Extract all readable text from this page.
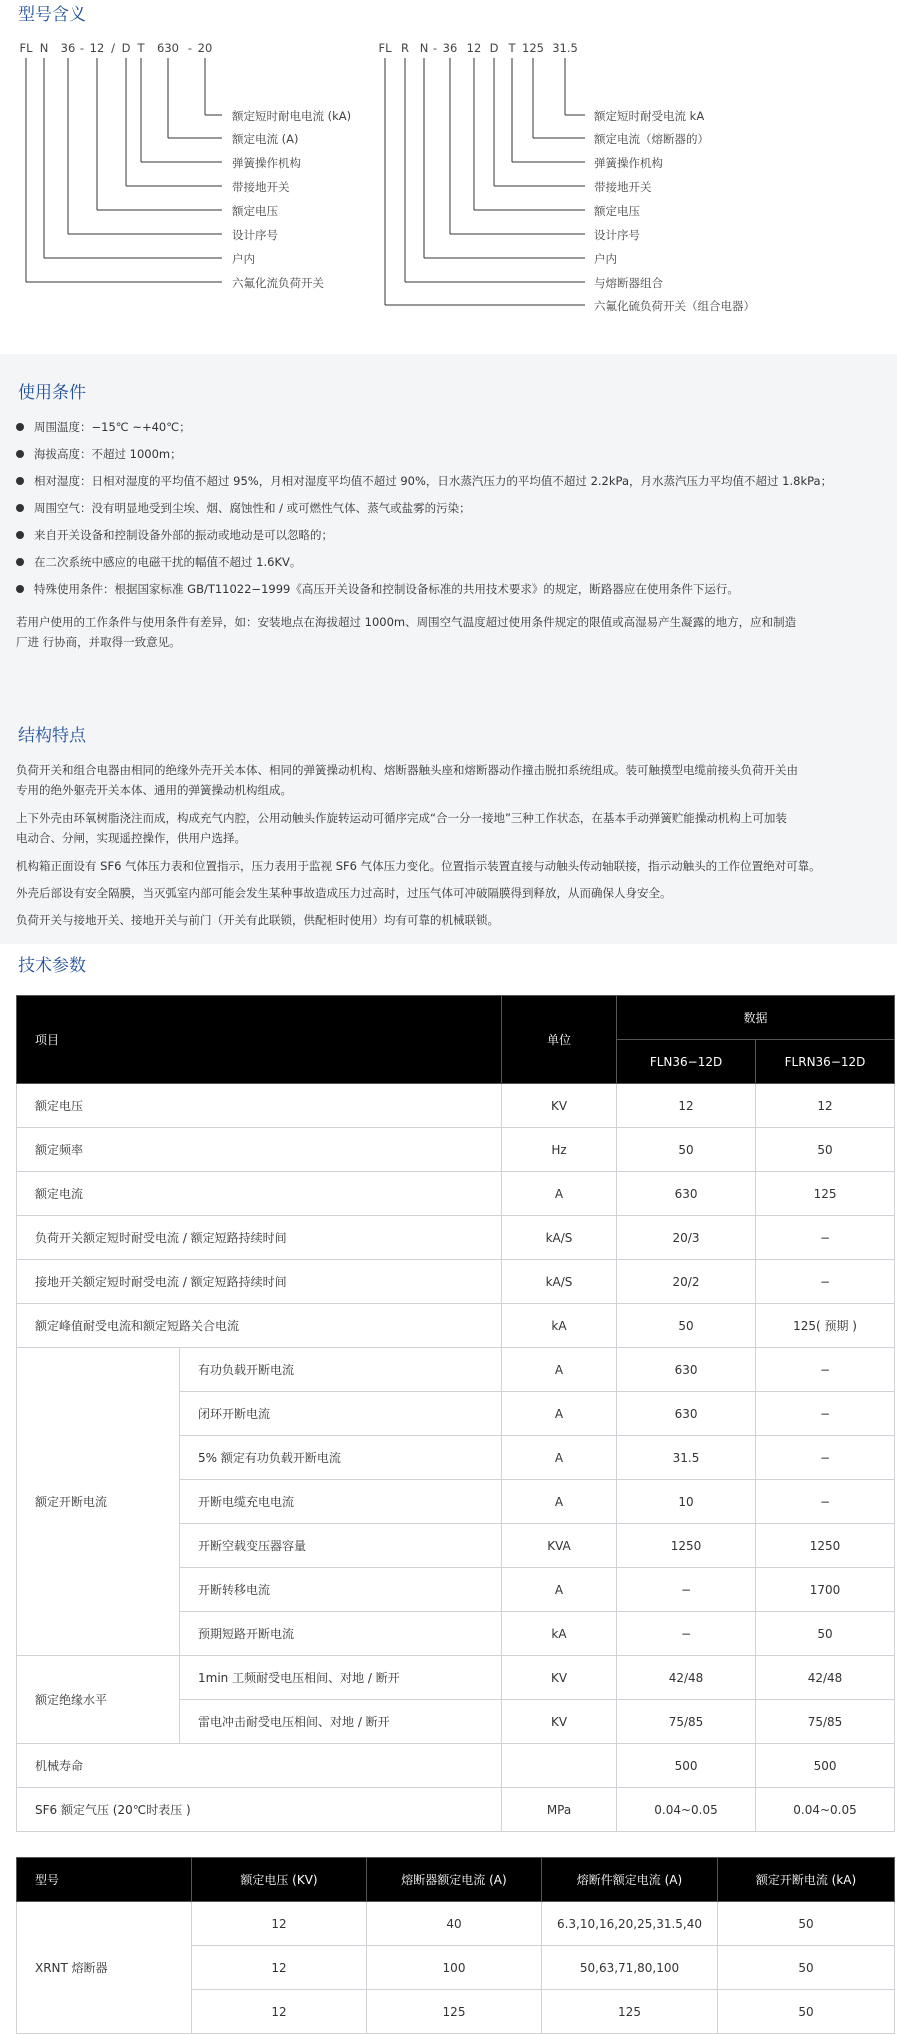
型号含义
使用条件
结构特点
技术参数
FL N 36 - 12 / D T 630 - 20
额定短时耐电电流 (kA)
额定电流 (A)
弹簧操作机构
带接地开关
额定电压
设计序号
户内
六氟化流负荷开关
FL R N - 36 12 D T 125 31.5
额定短时耐受电流 kA
额定电流（熔断器的）
弹簧操作机构
带接地开关
额定电压
设计序号
户内
与熔断器组合
六氟化硫负荷开关（组合电器）
周围温度：−15℃ ~+40℃；
海拔高度：不超过 1000m；
相对湿度：日相对湿度的平均值不超过 95%，月相对湿度平均值不超过 90%，日水蒸汽压力的平均值不超过 2.2kPa，月水蒸汽压力平均值不超过 1.8kPa；
周围空气：没有明显地受到尘埃、烟、腐蚀性和 / 或可燃性气体、蒸气或盐雾的污染；
来自开关设备和控制设备外部的振动或地动是可以忽略的；
在二次系统中感应的电磁干扰的幅值不超过 1.6KV。
特殊使用条件：根据国家标准 GB/T11022−1999《高压开关设备和控制设备标准的共用技术要求》的规定，断路器应在使用条件下运行。

若用户使用的工作条件与使用条件有差异，如：安装地点在海拔超过 1000m、周围空气温度超过使用条件规定的限值或高湿易产生凝露的地方，应和制造

厂进 行协商，并取得一致意见。

负荷开关和组合电器由相同的绝缘外壳开关本体、相同的弹簧操动机构、熔断器触头座和熔断器动作撞击脱扣系统组成。装可触摸型电缆前接头负荷开关由

专用的绝外躯壳开关本体、通用的弹簧操动机构组成。

上下外壳由环氧树脂浇注而成，构成充气内腔，公用动触头作旋转运动可循序完成“合一分一接地”三种工作状态，在基本手动弹簧贮能操动机构上可加装

电动合、分闸，实现遥控操作，供用户选择。

机构箱正面设有 SF6 气体压力表和位置指示，压力表用于监视 SF6 气体压力变化。位置指示装置直接与动触头传动轴联接，指示动触头的工作位置绝对可靠。

外壳后部设有安全隔膜，当灭弧室内部可能会发生某种事故造成压力过高时，过压气体可冲破隔膜得到释放，从而确保人身安全。

负荷开关与接地开关、接地开关与前门（开关有此联锁，供配柜时使用）均有可靠的机械联锁。

项目		单位	数据	
			FLN36−12D	FLRN36−12D
额定电压		KV	12	12
额定频率		Hz	50	50
额定电流		A	630	125
负荷开关额定短时耐受电流 / 额定短路持续时间		kA/S	20/3	−
接地开关额定短时耐受电流 / 额定短路持续时间		kA/S	20/2	−
额定峰值耐受电流和额定短路关合电流		kA	50	125( 预期 )
额定开断电流	有功负载开断电流	A	630	−
	闭环开断电流	A	630	−
	5% 额定有功负载开断电流	A	31.5	−
	开断电缆充电电流	A	10	−
	开断空载变压器容量	KVA	1250	1250
	开断转移电流	A	−	1700
	预期短路开断电流	kA	−	50
额定绝缘水平	1min 工频耐受电压相间、对地 / 断开	KV	42/48	42/48
	雷电冲击耐受电压相间、对地 / 断开	KV	75/85	75/85
机械寿命			500	500
SF6 额定气压 (20℃时表压 )		MPa	0.04~0.05	0.04~0.05
型号	额定电压 (KV)	熔断器额定电流 (A)	熔断件额定电流 (A)	额定开断电流 (kA)
XRNT 熔断器	12	40	6.3,10,16,20,25,31.5,40	50
	12	100	50,63,71,80,100	50
	12	125	125	50
